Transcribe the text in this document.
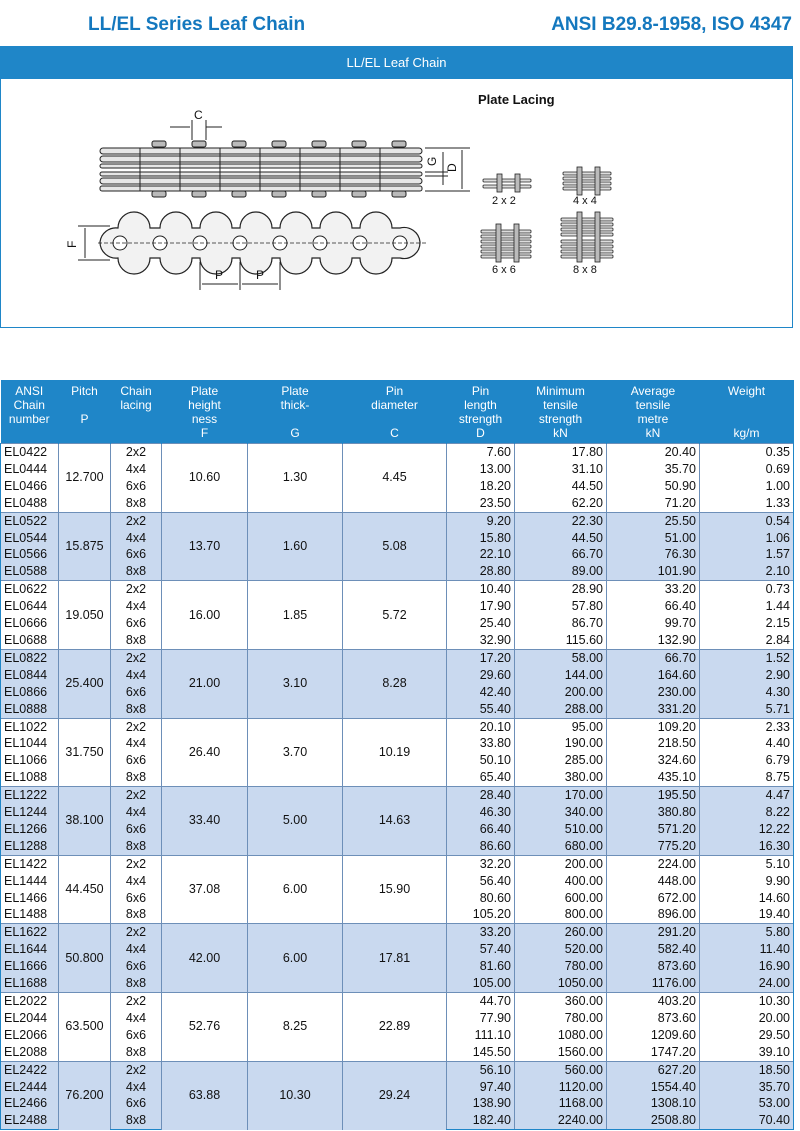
LL/EL Series Leaf Chain	ANSI B29.8-1958, ISO 4347
LL/EL Leaf Chain
C
G
D
F
P	P
Plate Lacing
2 x 2	4 x 4
6 x 6	8 x 8
ANSI
Chain
number	Pitch
P	Chain
lacing	Plate
height
ness
F	Plate
thick-
G	Pin
diameter
C	Pin
length
strength
D	Minimum
tensile
strength
kN	Average
tensile
metre
kN	Weight
kg/m

EL0422	12.700	2x2	10.60	1.30	4.45	7.60	17.80	20.40	0.35
EL0444		4x4				13.00	31.10	35.70	0.69
EL0466		6x6				18.20	44.50	50.90	1.00
EL0488		8x8				23.50	62.20	71.20	1.33
EL0522	15.875	2x2	13.70	1.60	5.08	9.20	22.30	25.50	0.54
EL0544		4x4				15.80	44.50	51.00	1.06
EL0566		6x6				22.10	66.70	76.30	1.57
EL0588		8x8				28.80	89.00	101.90	2.10
EL0622	19.050	2x2	16.00	1.85	5.72	10.40	28.90	33.20	0.73
EL0644		4x4				17.90	57.80	66.40	1.44
EL0666		6x6				25.40	86.70	99.70	2.15
EL0688		8x8				32.90	115.60	132.90	2.84
EL0822	25.400	2x2	21.00	3.10	8.28	17.20	58.00	66.70	1.52
EL0844		4x4				29.60	144.00	164.60	2.90
EL0866		6x6				42.40	200.00	230.00	4.30
EL0888		8x8				55.40	288.00	331.20	5.71
EL1022	31.750	2x2	26.40	3.70	10.19	20.10	95.00	109.20	2.33
EL1044		4x4				33.80	190.00	218.50	4.40
EL1066		6x6				50.10	285.00	324.60	6.79
EL1088		8x8				65.40	380.00	435.10	8.75
EL1222	38.100	2x2	33.40	5.00	14.63	28.40	170.00	195.50	4.47
EL1244		4x4				46.30	340.00	380.80	8.22
EL1266		6x6				66.40	510.00	571.20	12.22
EL1288		8x8				86.60	680.00	775.20	16.30
EL1422	44.450	2x2	37.08	6.00	15.90	32.20	200.00	224.00	5.10
EL1444		4x4				56.40	400.00	448.00	9.90
EL1466		6x6				80.60	600.00	672.00	14.60
EL1488		8x8				105.20	800.00	896.00	19.40
EL1622	50.800	2x2	42.00	6.00	17.81	33.20	260.00	291.20	5.80
EL1644		4x4				57.40	520.00	582.40	11.40
EL1666		6x6				81.60	780.00	873.60	16.90
EL1688		8x8				105.00	1050.00	1176.00	24.00
EL2022	63.500	2x2	52.76	8.25	22.89	44.70	360.00	403.20	10.30
EL2044		4x4				77.90	780.00	873.60	20.00
EL2066		6x6				111.10	1080.00	1209.60	29.50
EL2088		8x8				145.50	1560.00	1747.20	39.10
EL2422	76.200	2x2	63.88	10.30	29.24	56.10	560.00	627.20	18.50
EL2444		4x4				97.40	1120.00	1554.40	35.70
EL2466		6x6				138.90	1168.00	1308.10	53.00
EL2488		8x8				182.40	2240.00	2508.80	70.40
